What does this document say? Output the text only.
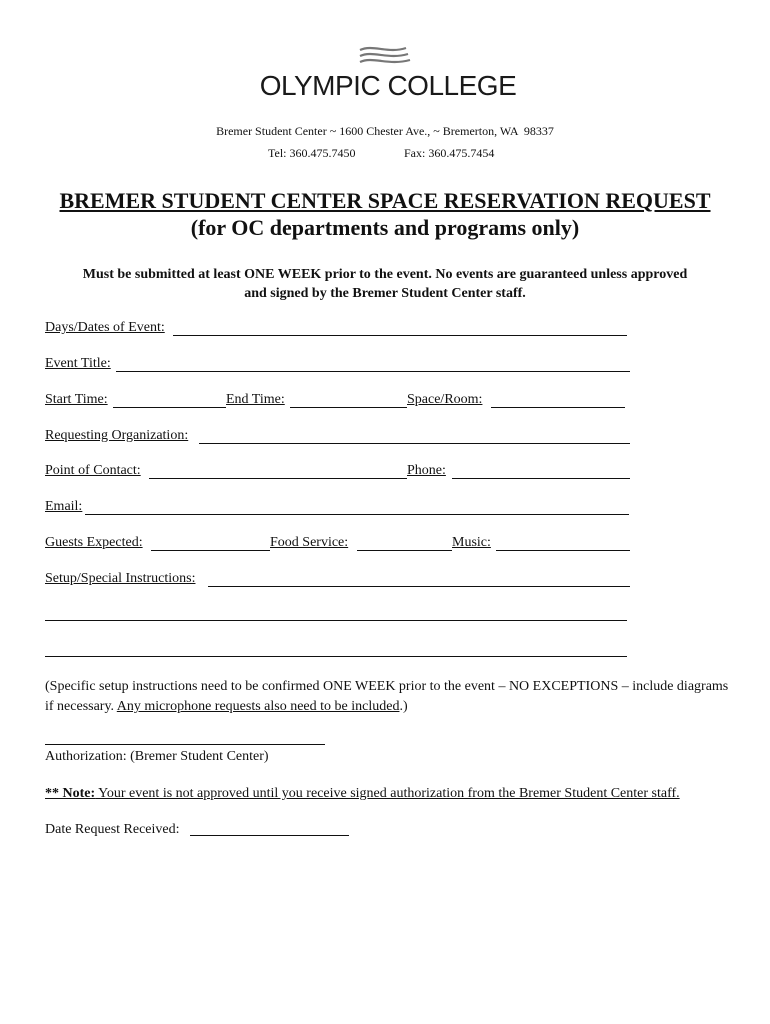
OLYMPIC COLLEGE
Bremer Student Center ~ 1600 Chester Ave., ~ Bremerton, WA  98337
Tel: 360.475.7450	Fax: 360.475.7454
BREMER STUDENT CENTER SPACE RESERVATION REQUEST
(for OC departments and programs only)
Must be submitted at least ONE WEEK prior to the event. No events are guaranteed unless approved
and signed by the Bremer Student Center staff.
Days/Dates of Event:
Event Title:
Start Time:	End Time:	Space/Room:
Requesting Organization:
Point of Contact:	Phone:
Email:
Guests Expected:	Food Service:	Music:
Setup/Special Instructions:
(Specific setup instructions need to be confirmed ONE WEEK prior to the event – NO EXCEPTIONS – include diagrams if necessary. Any microphone requests also need to be included.)
Authorization: (Bremer Student Center)
** Note: Your event is not approved until you receive signed authorization from the Bremer Student Center staff.
Date Request Received:
